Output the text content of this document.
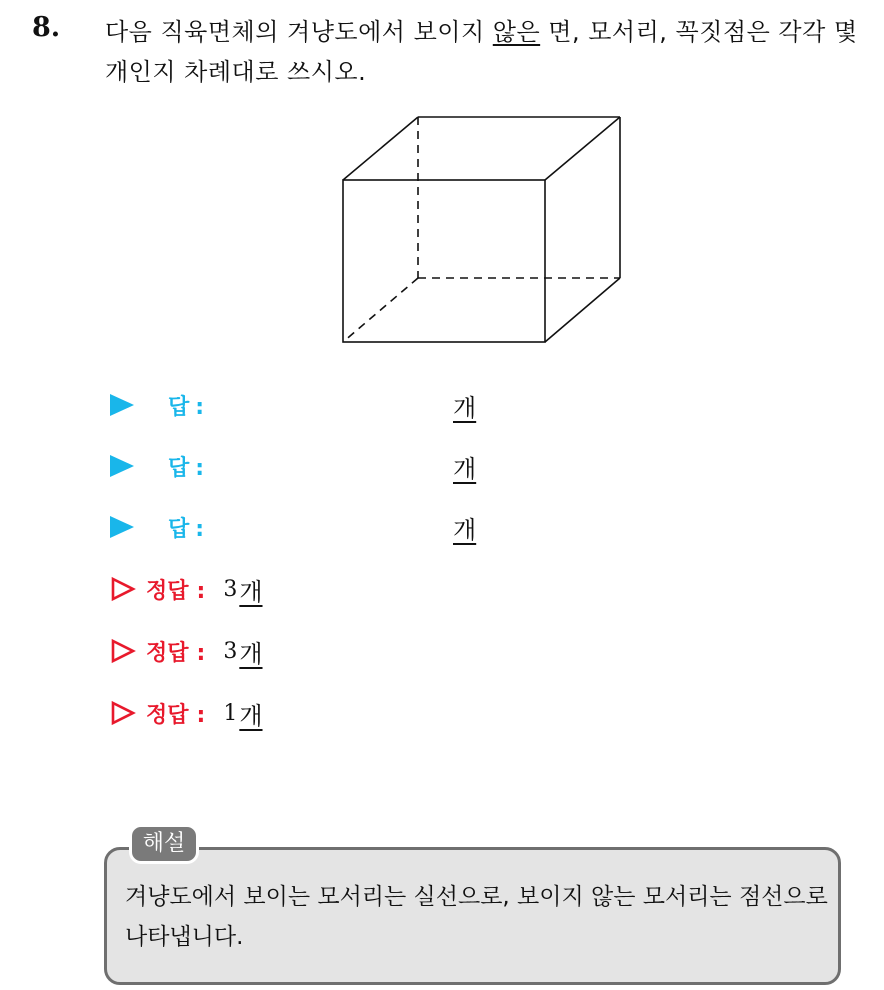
8. 다음 직육면체의 겨냥도에서 보이지 않은 면, 모서리, 꼭짓점은 각각 몇 개인지 차례대로 쓰시오.
답 :	개
답 :	개
답 :	개
정답 : 3 개
정답 : 3 개
정답 : 1 개
해설
겨냥도에서 보이는 모서리는 실선으로, 보이지 않는 모서리는 점선으로 나타냅니다.
